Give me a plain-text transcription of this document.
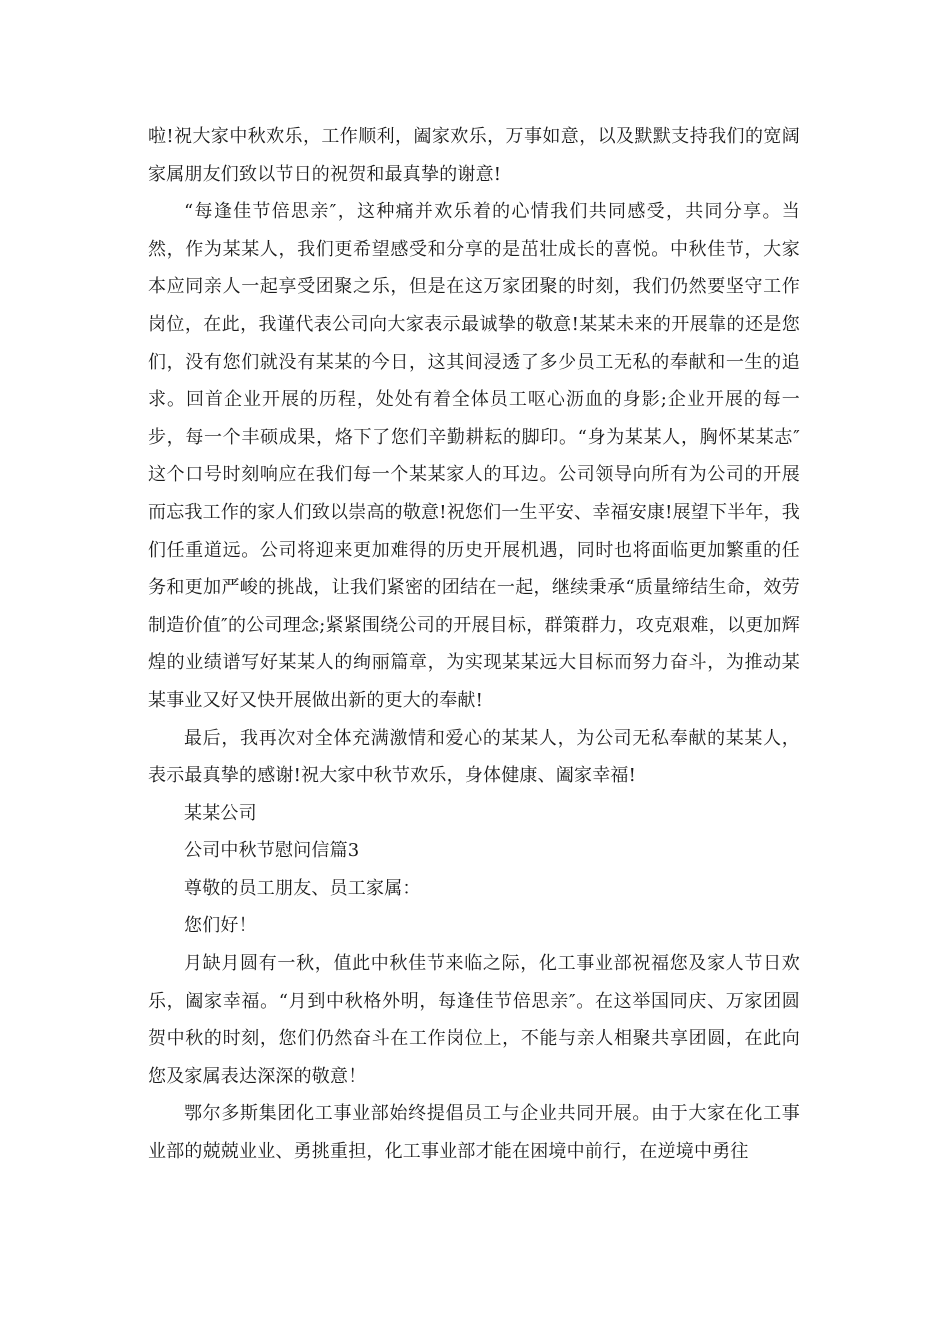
啦!祝大家中秋欢乐，工作顺利，阖家欢乐，万事如意，以及默默支持我们的宽阔家属朋友们致以节日的祝贺和最真挚的谢意!

“每逢佳节倍思亲″，这种痛并欢乐着的心情我们共同感受，共同分享。当然，作为某某人，我们更希望感受和分享的是茁壮成长的喜悦。中秋佳节，大家本应同亲人一起享受团聚之乐，但是在这万家团聚的时刻，我们仍然要坚守工作岗位，在此，我谨代表公司向大家表示最诚挚的敬意!某某未来的开展靠的还是您们，没有您们就没有某某的今日，这其间浸透了多少员工无私的奉献和一生的追求。回首企业开展的历程，处处有着全体员工呕心沥血的身影;企业开展的每一步，每一个丰硕成果，烙下了您们辛勤耕耘的脚印。“身为某某人，胸怀某某志″这个口号时刻响应在我们每一个某某家人的耳边。公司领导向所有为公司的开展而忘我工作的家人们致以崇高的敬意!祝您们一生平安、幸福安康!展望下半年，我们任重道远。公司将迎来更加难得的历史开展机遇，同时也将面临更加繁重的任务和更加严峻的挑战，让我们紧密的团结在一起，继续秉承“质量缔结生命，效劳制造价值″的公司理念;紧紧围绕公司的开展目标，群策群力，攻克艰难，以更加辉煌的业绩谱写好某某人的绚丽篇章，为实现某某远大目标而努力奋斗，为推动某某事业又好又快开展做出新的更大的奉献!

最后，我再次对全体充满激情和爱心的某某人，为公司无私奉献的某某人，表示最真挚的感谢!祝大家中秋节欢乐，身体健康、阖家幸福!

某某公司

公司中秋节慰问信篇3

尊敬的员工朋友、员工家属：

您们好！

月缺月圆有一秋，值此中秋佳节来临之际，化工事业部祝福您及家人节日欢乐，阖家幸福。“月到中秋格外明，每逢佳节倍思亲″。在这举国同庆、万家团圆贺中秋的时刻，您们仍然奋斗在工作岗位上，不能与亲人相聚共享团圆，在此向您及家属表达深深的敬意！

鄂尔多斯集团化工事业部始终提倡员工与企业共同开展。由于大家在化工事业部的兢兢业业、勇挑重担，化工事业部才能在困境中前行，在逆境中勇往
